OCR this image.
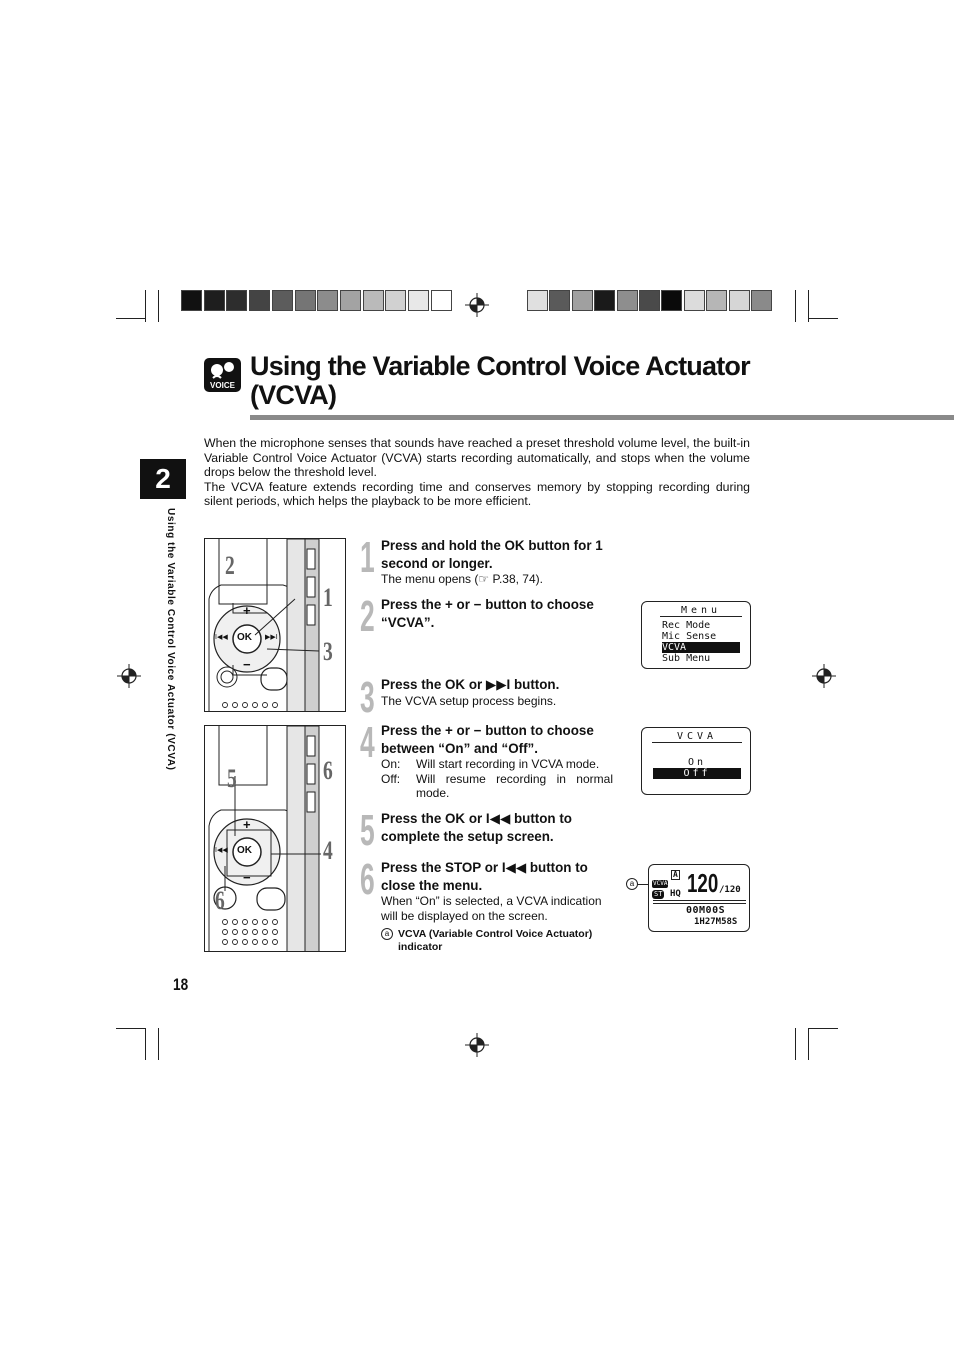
VOICE
Using the Variable Control Voice Actuator (VCVA)
2
Using the Variable Control Voice Actuator (VCVA)

When the microphone senses that sounds have reached a preset threshold volume level, the built-in Variable Control Voice Actuator (VCVA) starts recording automatically, and stops when the volume drops below the threshold level.

The VCVA feature extends recording time and conserves memory by stopping recording during silent periods, which helps the playback to be more efficient.

+
−
OK
I◀◀	▶▶I
2
1
3
+
−
OK
I◀◀
5	6
4
6
1 Press and hold the OK button for 1 second or longer.
The menu opens (☞ P.38, 74).
2 Press the + or − button to choose “VCVA”.
3 Press the OK or ▶▶I button.
The VCVA setup process begins.
4 Press the + or − button to choose between “On” and “Off”.
On:	Will start recording in VCVA mode.
Off:	Will resume recording in normal mode.
5 Press the OK or I◀◀ button to complete the setup screen.
6 Press the STOP or I◀◀ button to close the menu.
When “On” is selected, a VCVA indication will be displayed on the screen.
a VCVA (Variable Control Voice Actuator) indicator
Menu
Rec Mode
Mic Sense
VCVA
Sub Menu
VCVA
On
Off
a	VCVA
A
ST HQ 120 /120
00M00S
1H27M58S
18
